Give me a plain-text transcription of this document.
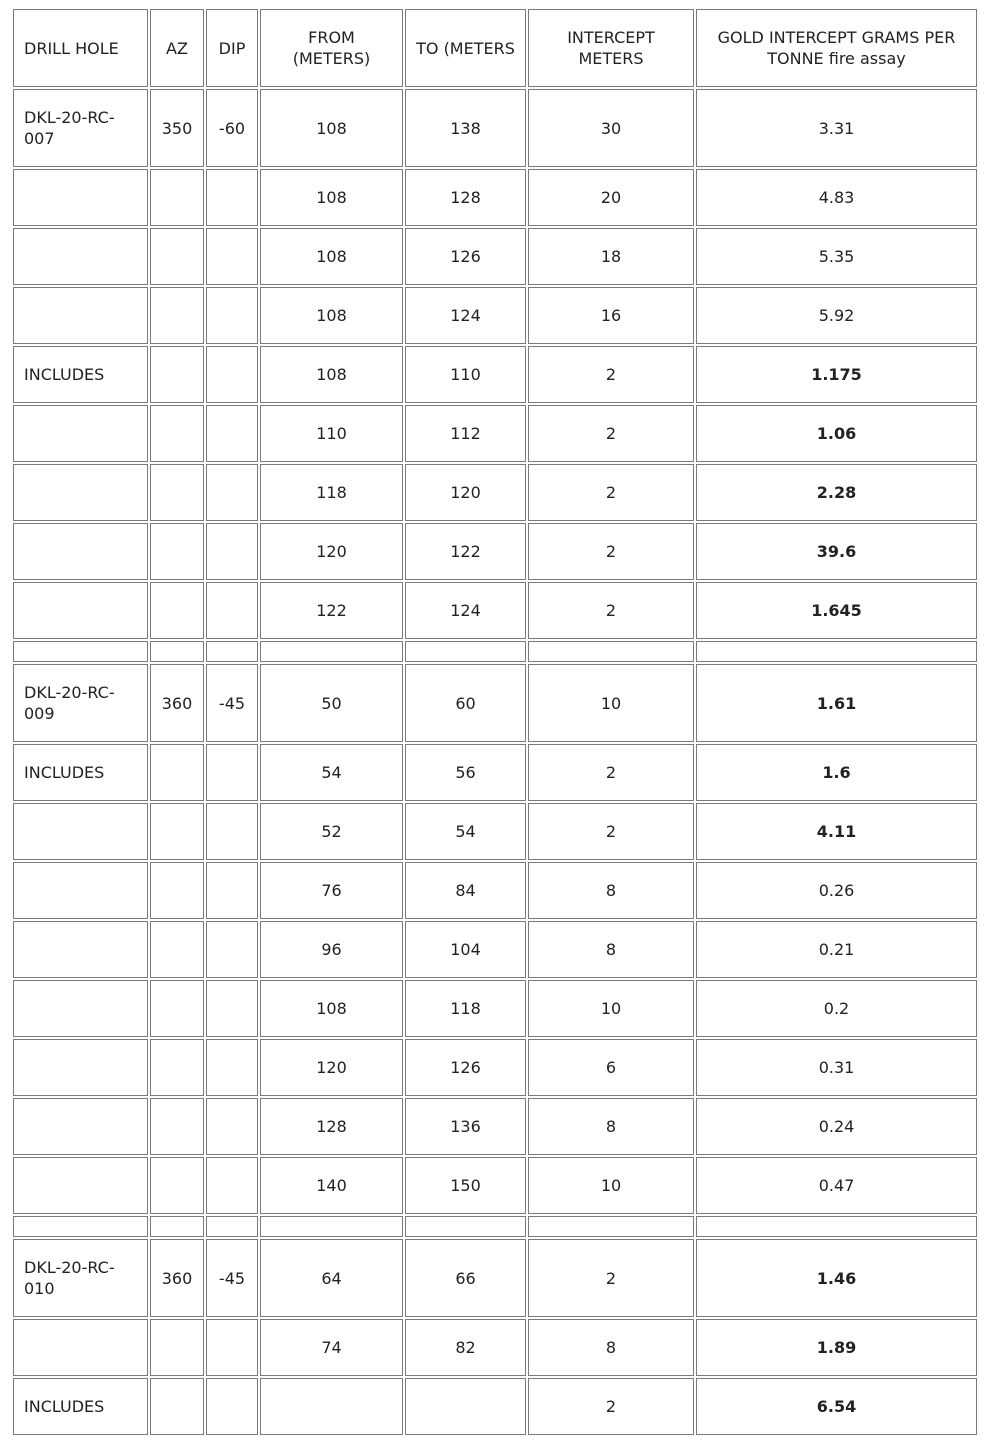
DRILL HOLE	AZ	DIP	FROM (METERS)	TO (METERS	INTERCEPT METERS	GOLD INTERCEPT GRAMS PER TONNE fire assay
DKL-20-RC-007	350	-60	108	138	30	3.31
			108	128	20	4.83
			108	126	18	5.35
			108	124	16	5.92
INCLUDES			108	110	2	1.175
			110	112	2	1.06
			118	120	2	2.28
			120	122	2	39.6
			122	124	2	1.645

DKL-20-RC-009	360	-45	50	60	10	1.61
INCLUDES			54	56	2	1.6
			52	54	2	4.11
			76	84	8	0.26
			96	104	8	0.21
			108	118	10	0.2
			120	126	6	0.31
			128	136	8	0.24
			140	150	10	0.47

DKL-20-RC-010	360	-45	64	66	2	1.46
			74	82	8	1.89
INCLUDES					2	6.54
